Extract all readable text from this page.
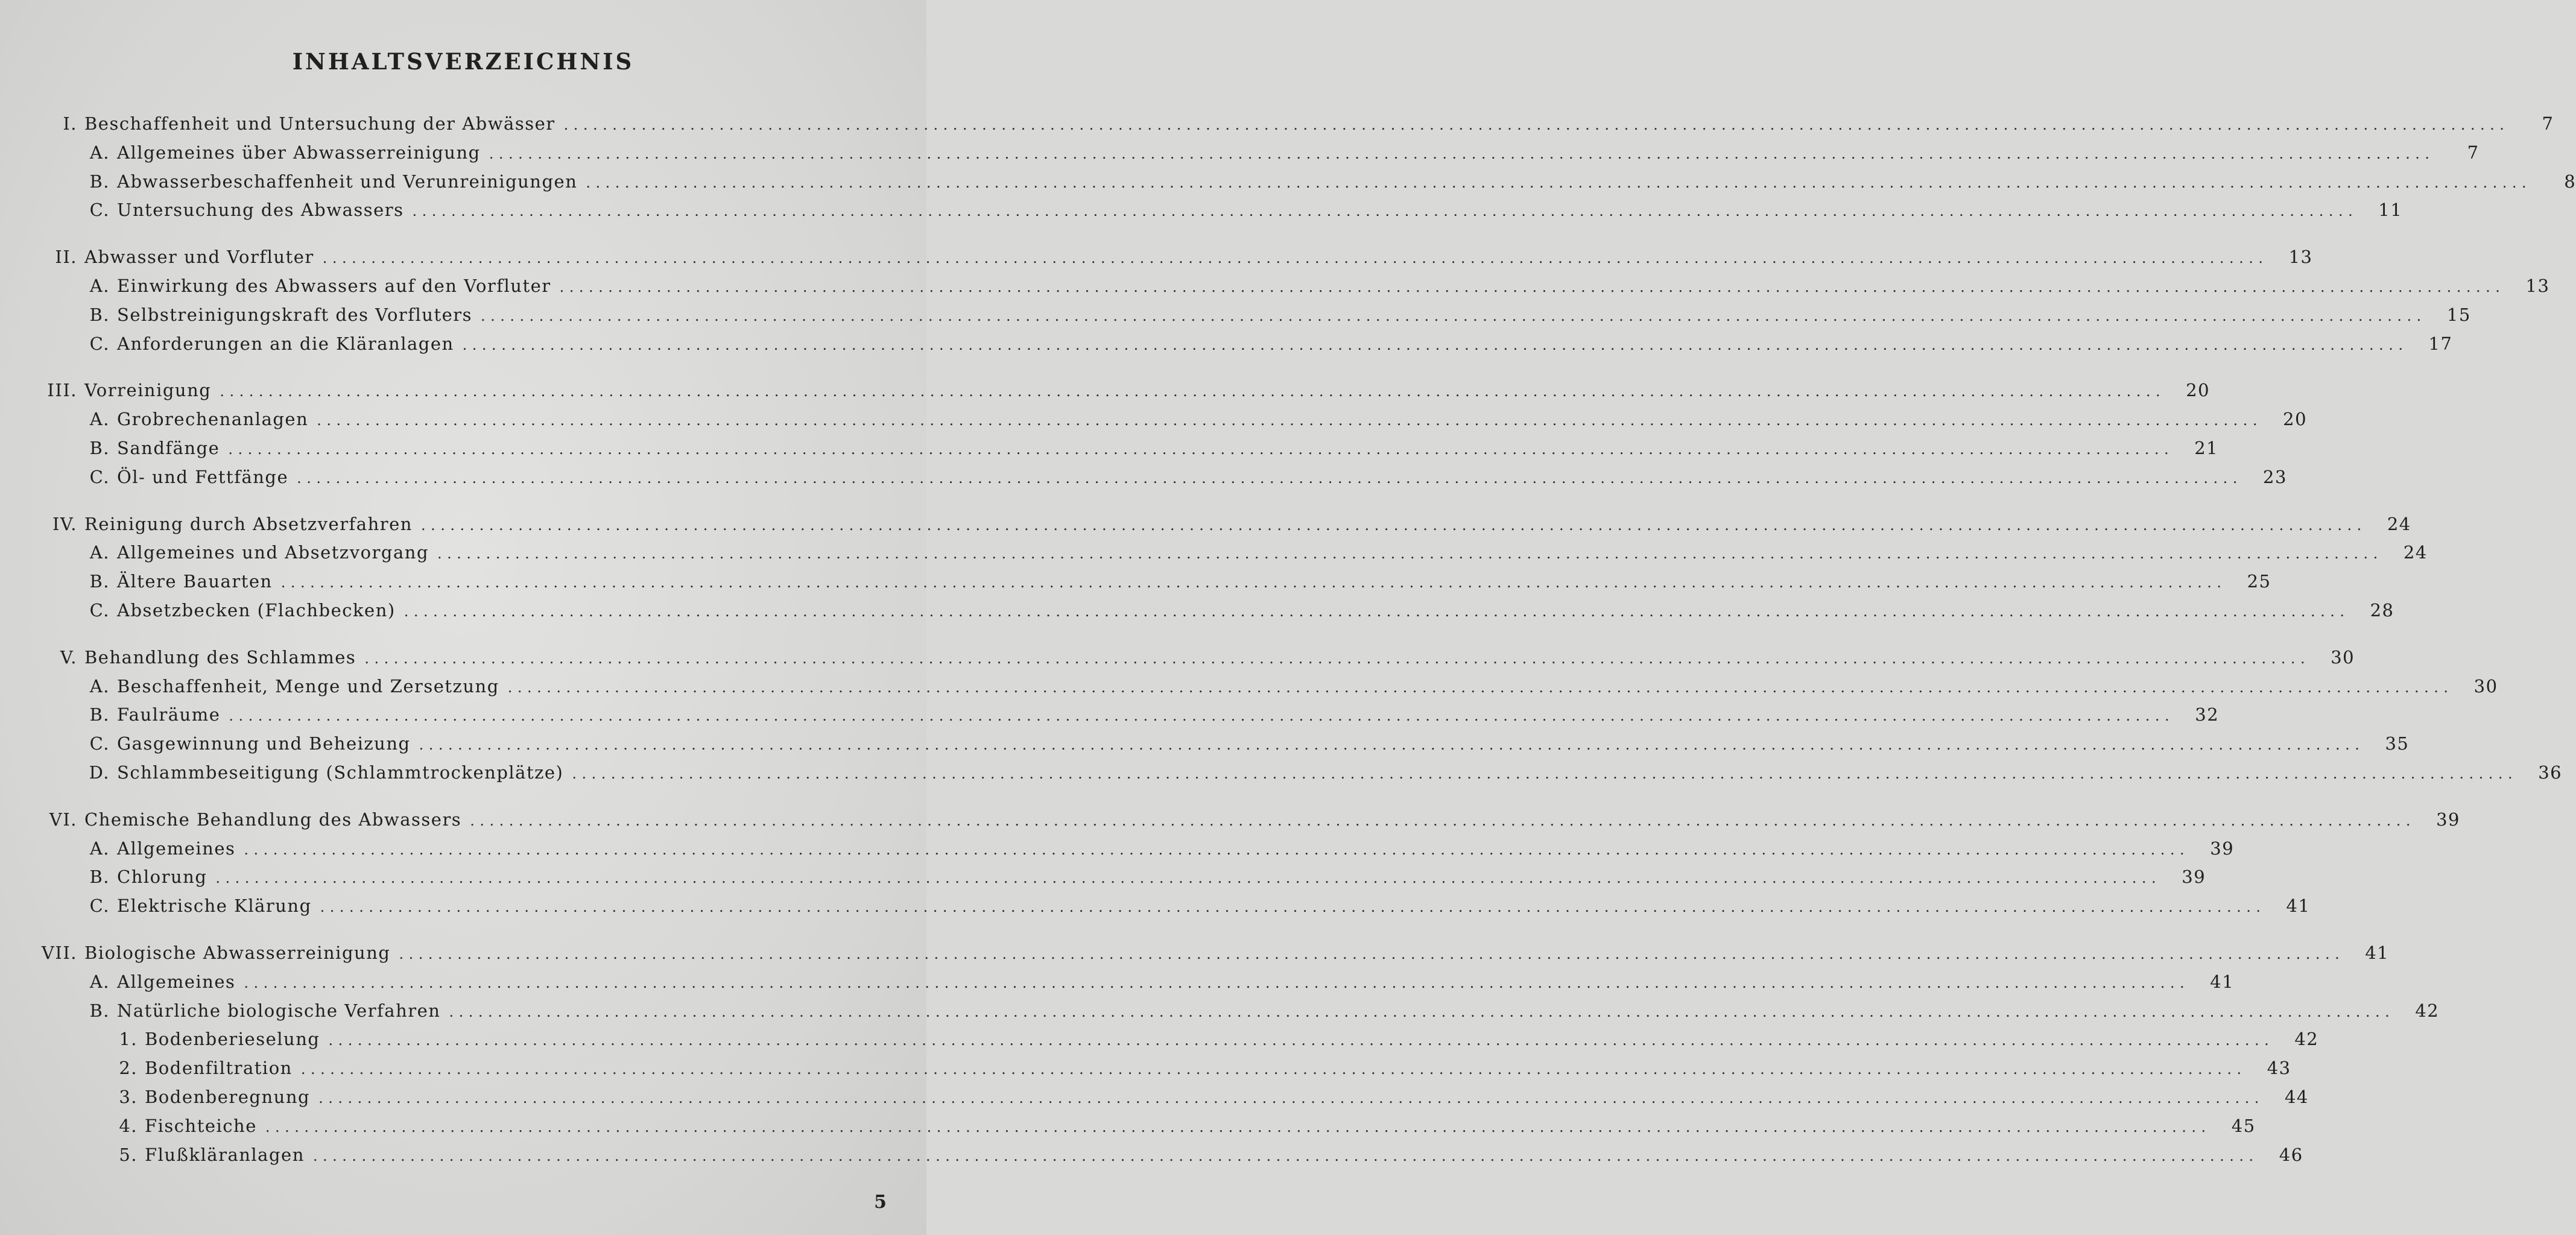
INHALTSVERZEICHNIS
I. Beschaffenheit und Untersuchung der Abwässer ........................................................................................................................................................................................................	7
A. Allgemeines über Abwasserreinigung ........................................................................................................................................................................................................	7
B. Abwasserbeschaffenheit und Verunreinigungen ........................................................................................................................................................................................................	8
C. Untersuchung des Abwassers ........................................................................................................................................................................................................	11
II. Abwasser und Vorfluter ........................................................................................................................................................................................................	13
A. Einwirkung des Abwassers auf den Vorfluter ........................................................................................................................................................................................................	13
B. Selbstreinigungskraft des Vorfluters ........................................................................................................................................................................................................	15
C. Anforderungen an die Kläranlagen ........................................................................................................................................................................................................	17
III. Vorreinigung ........................................................................................................................................................................................................	20
A. Grobrechenanlagen ........................................................................................................................................................................................................	20
B. Sandfänge ........................................................................................................................................................................................................	21
C. Öl- und Fettfänge ........................................................................................................................................................................................................	23
IV. Reinigung durch Absetzverfahren ........................................................................................................................................................................................................	24
A. Allgemeines und Absetzvorgang ........................................................................................................................................................................................................	24
B. Ältere Bauarten ........................................................................................................................................................................................................	25
C. Absetzbecken (Flachbecken) ........................................................................................................................................................................................................	28
V. Behandlung des Schlammes ........................................................................................................................................................................................................	30
A. Beschaffenheit, Menge und Zersetzung ........................................................................................................................................................................................................	30
B. Faulräume ........................................................................................................................................................................................................	32
C. Gasgewinnung und Beheizung ........................................................................................................................................................................................................	35
D. Schlammbeseitigung (Schlammtrockenplätze) ........................................................................................................................................................................................................	36
VI. Chemische Behandlung des Abwassers ........................................................................................................................................................................................................	39
A. Allgemeines ........................................................................................................................................................................................................	39
B. Chlorung ........................................................................................................................................................................................................	39
C. Elektrische Klärung ........................................................................................................................................................................................................	41
VII. Biologische Abwasserreinigung ........................................................................................................................................................................................................	41
A. Allgemeines ........................................................................................................................................................................................................	41
B. Natürliche biologische Verfahren ........................................................................................................................................................................................................	42
1. Bodenberieselung ........................................................................................................................................................................................................	42
2. Bodenfiltration ........................................................................................................................................................................................................	43
3. Bodenberegnung ........................................................................................................................................................................................................	44
4. Fischteiche ........................................................................................................................................................................................................	45
5. Flußkläranlagen ........................................................................................................................................................................................................	46
5
